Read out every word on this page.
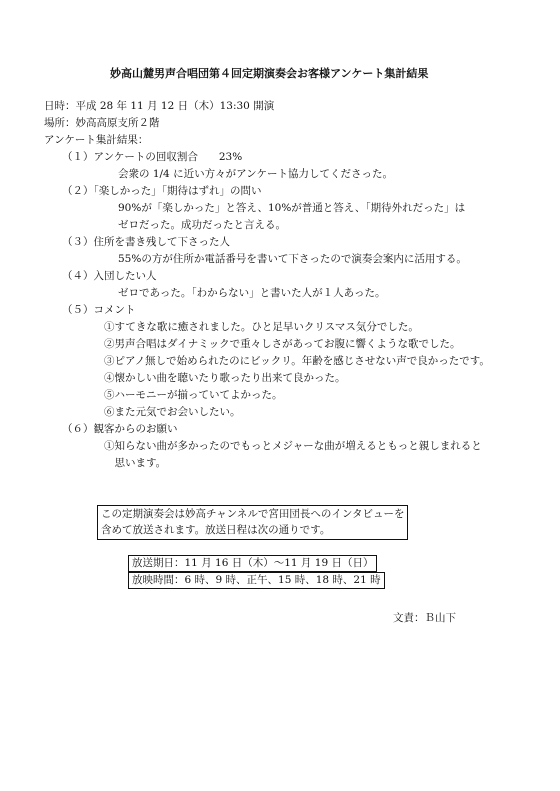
妙高山麓男声合唱団第４回定期演奏会お客様アンケート集計結果
日時：平成 28 年 11 月 12 日（木）13:30 開演
場所：妙高高原支所２階
アンケート集計結果：
（１）アンケートの回収割合　　23%
会衆の 1/4 に近い方々がアンケート協力してくださった。
（２）「楽しかった」「期待はずれ」の問い
90%が「楽しかった」と答え、10%が普通と答え、「期待外れだった」は
ゼロだった。成功だったと言える。
（３）住所を書き残して下さった人
55%の方が住所か電話番号を書いて下さったので演奏会案内に活用する。
（４）入団したい人
ゼロであった。「わからない」と書いた人が１人あった。
（５）コメント
①すてきな歌に癒されました。ひと足早いクリスマス気分でした。
②男声合唱はダイナミックで重々しさがあってお腹に響くような歌でした。
③ピアノ無しで始められたのにビックリ。年齢を感じさせない声で良かったです。
④懐かしい曲を聴いたり歌ったり出来て良かった。
⑤ハーモニーが揃っていてよかった。
⑥また元気でお会いしたい。
（６）観客からのお願い
①知らない曲が多かったのでもっとメジャーな曲が増えるともっと親しまれると
　思います。
この定期演奏会は妙高チャンネルで宮田団長へのインタビューを
含めて放送されます。放送日程は次の通りです。
放送期日：11 月 16 日（木）～11 月 19 日（日）
放映時間：6 時、9 時、正午、15 時、18 時、21 時
文責：Ｂ山下
